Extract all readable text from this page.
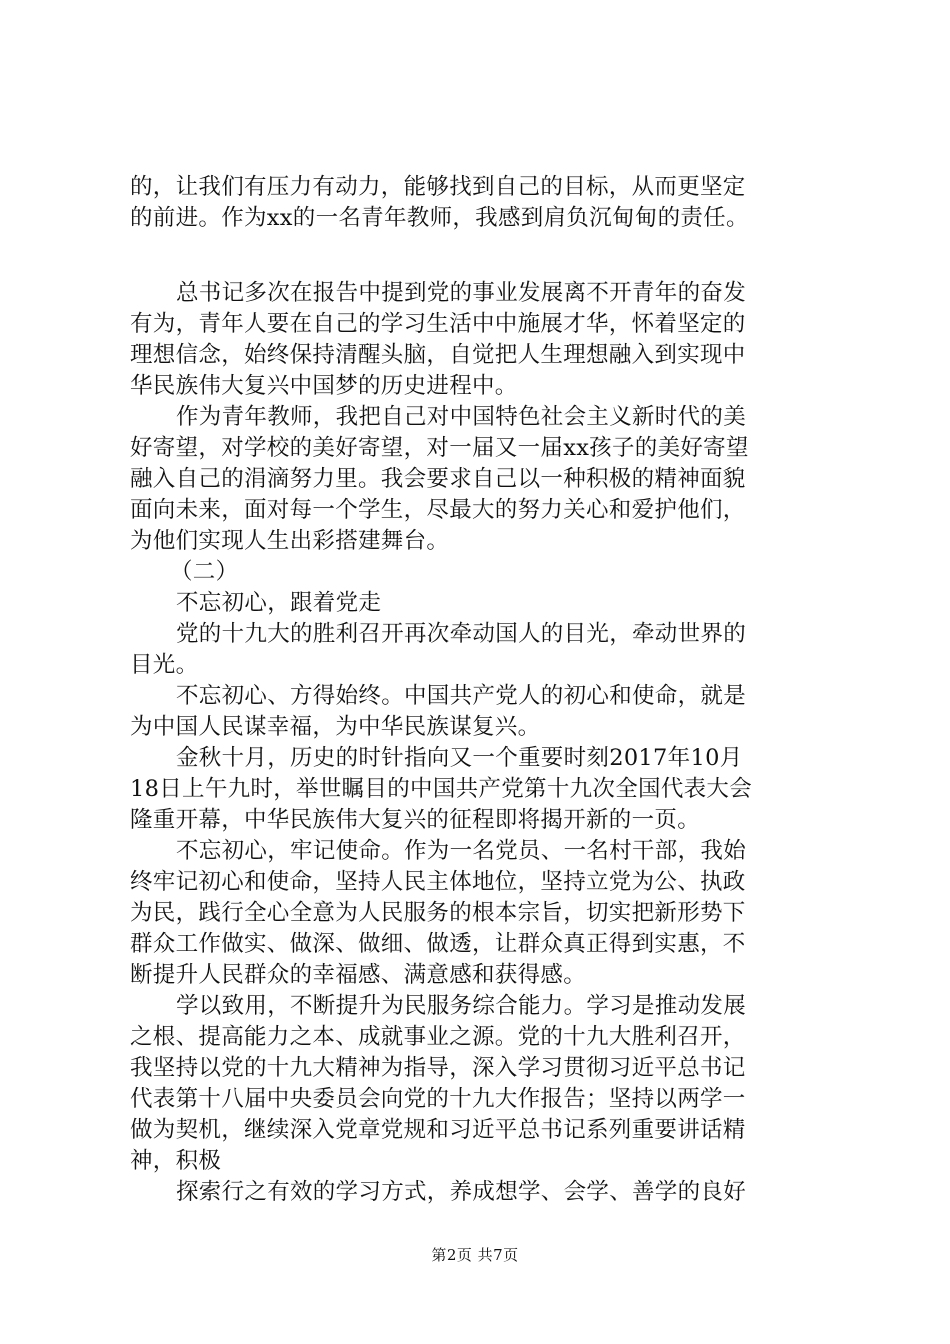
的，让我们有压力有动力，能够找到自己的目标，从而更坚定
的前进。作为xx的一名青年教师，我感到肩负沉甸甸的责任。
总书记多次在报告中提到党的事业发展离不开青年的奋发
有为，青年人要在自己的学习生活中中施展才华，怀着坚定的
理想信念，始终保持清醒头脑，自觉把人生理想融入到实现中
华民族伟大复兴中国梦的历史进程中。
作为青年教师，我把自己对中国特色社会主义新时代的美
好寄望，对学校的美好寄望，对一届又一届xx孩子的美好寄望
融入自己的涓滴努力里。我会要求自己以一种积极的精神面貌
面向未来，面对每一个学生，尽最大的努力关心和爱护他们，
为他们实现人生出彩搭建舞台。
（二）
不忘初心，跟着党走
党的十九大的胜利召开再次牵动国人的目光，牵动世界的
目光。
不忘初心、方得始终。中国共产党人的初心和使命，就是
为中国人民谋幸福，为中华民族谋复兴。
金秋十月，历史的时针指向又一个重要时刻2017年10月
18日上午九时，举世瞩目的中国共产党第十九次全国代表大会
隆重开幕，中华民族伟大复兴的征程即将揭开新的一页。
不忘初心，牢记使命。作为一名党员、一名村干部，我始
终牢记初心和使命，坚持人民主体地位，坚持立党为公、执政
为民，践行全心全意为人民服务的根本宗旨，切实把新形势下
群众工作做实、做深、做细、做透，让群众真正得到实惠，不
断提升人民群众的幸福感、满意感和获得感。
学以致用，不断提升为民服务综合能力。学习是推动发展
之根、提高能力之本、成就事业之源。党的十九大胜利召开，
我坚持以党的十九大精神为指导，深入学习贯彻习近平总书记
代表第十八届中央委员会向党的十九大作报告；坚持以两学一
做为契机，继续深入党章党规和习近平总书记系列重要讲话精
神，积极
探索行之有效的学习方式，养成想学、会学、善学的良好
第2页 共7页
